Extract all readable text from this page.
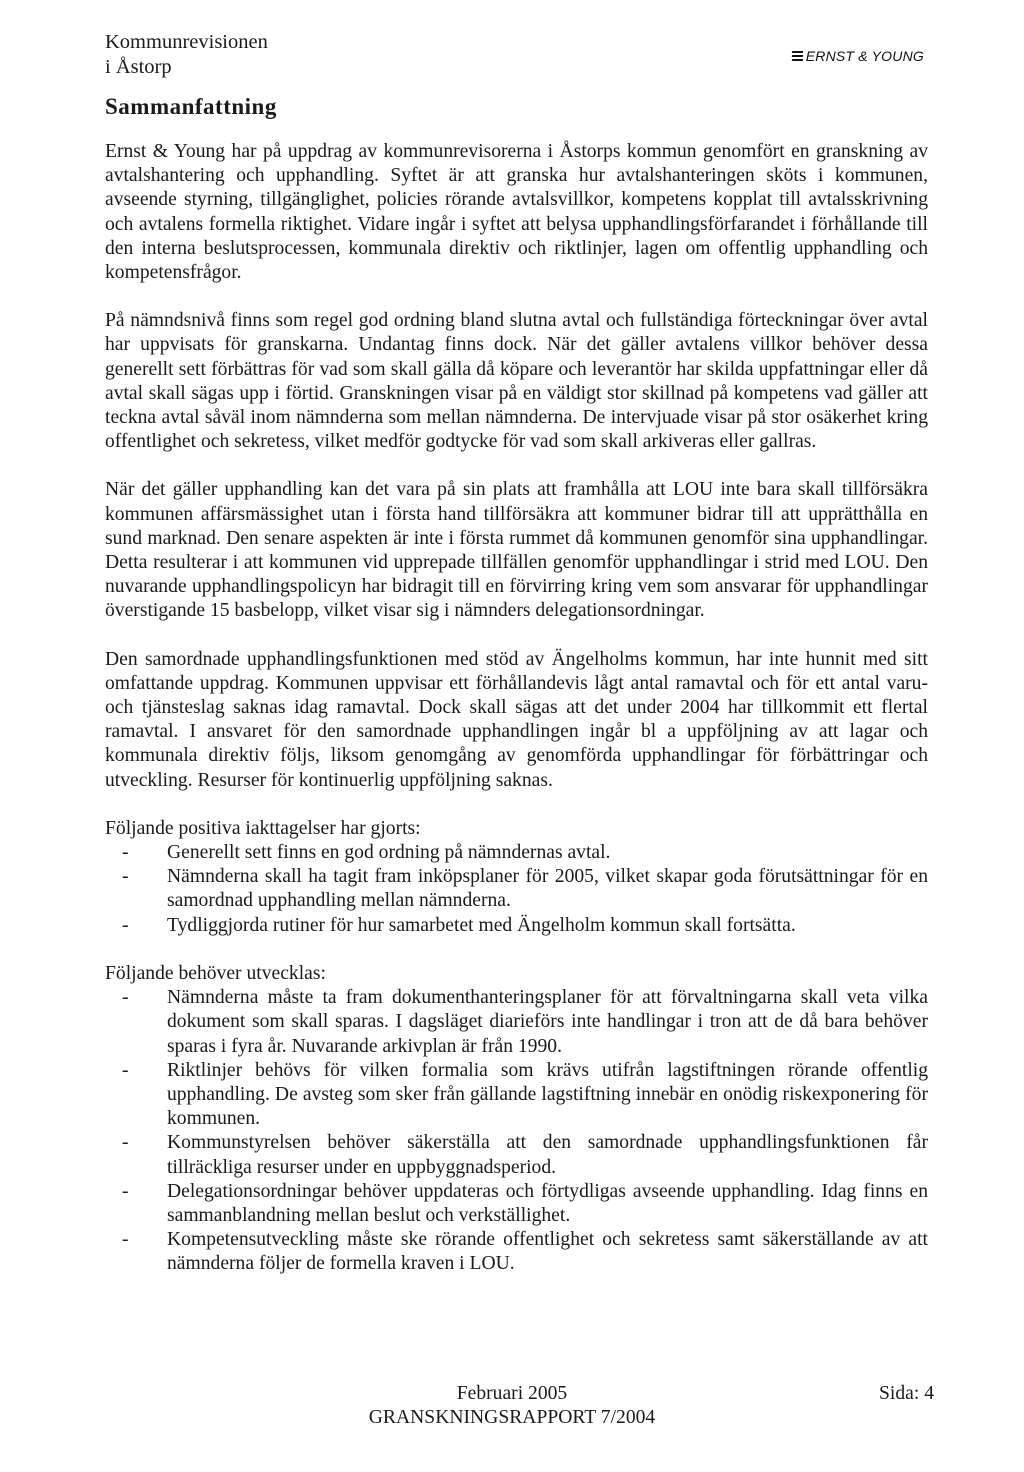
Kommunrevisionen
i Åstorp	ERNST & YOUNG
Sammanfattning

Ernst & Young har på uppdrag av kommunrevisorerna i Åstorps kommun genomfört en granskning av avtalshantering och upphandling. Syftet är att granska hur avtalshanteringen sköts i kommunen, avseende styrning, tillgänglighet, policies rörande avtalsvillkor, kompetens kopplat till avtalsskrivning och avtalens formella riktighet. Vidare ingår i syftet att belysa upphandlingsförfarandet i förhållande till den interna beslutsprocessen, kommunala direktiv och riktlinjer, lagen om offentlig upphandling och kompetensfrågor.

På nämndsnivå finns som regel god ordning bland slutna avtal och fullständiga förteckningar över avtal har uppvisats för granskarna. Undantag finns dock. När det gäller avtalens villkor behöver dessa generellt sett förbättras för vad som skall gälla då köpare och leverantör har skilda uppfattningar eller då avtal skall sägas upp i förtid. Granskningen visar på en väldigt stor skillnad på kompetens vad gäller att teckna avtal såväl inom nämnderna som mellan nämnderna. De intervjuade visar på stor osäkerhet kring offentlighet och sekretess, vilket medför godtycke för vad som skall arkiveras eller gallras.

När det gäller upphandling kan det vara på sin plats att framhålla att LOU inte bara skall tillförsäkra kommunen affärsmässighet utan i första hand tillförsäkra att kommuner bidrar till att upprätthålla en sund marknad. Den senare aspekten är inte i första rummet då kommunen genomför sina upphandlingar. Detta resulterar i att kommunen vid upprepade tillfällen genomför upphandlingar i strid med LOU. Den nuvarande upphandlingspolicyn har bidragit till en förvirring kring vem som ansvarar för upphandlingar överstigande 15 basbelopp, vilket visar sig i nämnders delegationsordningar.

Den samordnade upphandlingsfunktionen med stöd av Ängelholms kommun, har inte hunnit med sitt omfattande uppdrag. Kommunen uppvisar ett förhållandevis lågt antal ramavtal och för ett antal varu- och tjänsteslag saknas idag ramavtal. Dock skall sägas att det under 2004 har tillkommit ett flertal ramavtal. I ansvaret för den samordnade upphandlingen ingår bl a uppföljning av att lagar och kommunala direktiv följs, liksom genomgång av genomförda upphandlingar för förbättringar och utveckling. Resurser för kontinuerlig uppföljning saknas.

Följande positiva iakttagelser har gjorts:
- Generellt sett finns en god ordning på nämndernas avtal.
- Nämnderna skall ha tagit fram inköpsplaner för 2005, vilket skapar goda förutsättningar för en samordnad upphandling mellan nämnderna.
- Tydliggjorda rutiner för hur samarbetet med Ängelholm kommun skall fortsätta.
Följande behöver utvecklas:
- Nämnderna måste ta fram dokumenthanteringsplaner för att förvaltningarna skall veta vilka dokument som skall sparas. I dagsläget diarieförs inte handlingar i tron att de då bara behöver sparas i fyra år. Nuvarande arkivplan är från 1990.
- Riktlinjer behövs för vilken formalia som krävs utifrån lagstiftningen rörande offentlig upphandling. De avsteg som sker från gällande lagstiftning innebär en onödig riskexponering för kommunen.
- Kommunstyrelsen behöver säkerställa att den samordnade upphandlingsfunktionen får tillräckliga resurser under en uppbyggnadsperiod.
- Delegationsordningar behöver uppdateras och förtydligas avseende upphandling. Idag finns en sammanblandning mellan beslut och verkställighet.
- Kompetensutveckling måste ske rörande offentlighet och sekretess samt säkerställande av att nämnderna följer de formella kraven i LOU.
Februari 2005
GRANSKNINGSRAPPORT 7/2004
Sida: 4
